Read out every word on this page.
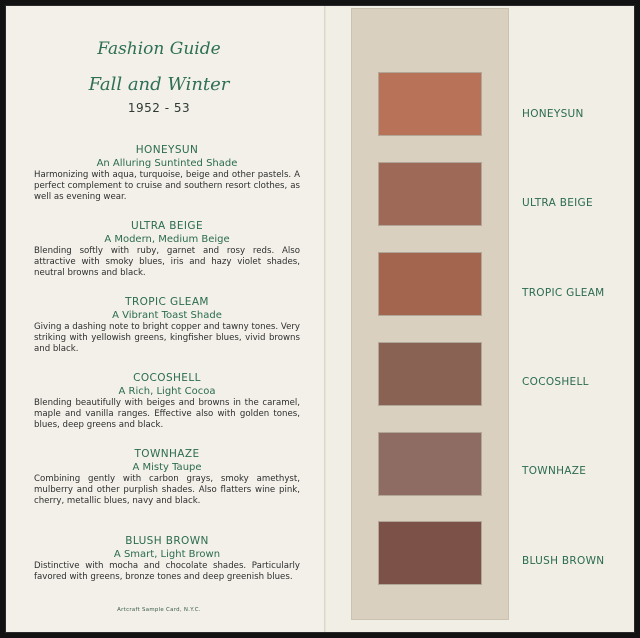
Fashion Guide
Fall and Winter
1952 - 53
HONEYSUN
An Alluring Suntinted Shade
Harmonizing with aqua, turquoise, beige and other pastels. A perfect complement to cruise and southern resort clothes, as well as evening wear.
ULTRA BEIGE
A Modern, Medium Beige
Blending softly with ruby, garnet and rosy reds. Also attractive with smoky blues, iris and hazy violet shades, neutral browns and black.
TROPIC GLEAM
A Vibrant Toast Shade
Giving a dashing note to bright copper and tawny tones. Very striking with yellowish greens, kingfisher blues, vivid browns and black.
COCOSHELL
A Rich, Light Cocoa
Blending beautifully with beiges and browns in the caramel, maple and vanilla ranges. Effective also with golden tones, blues, deep greens and black.
TOWNHAZE
A Misty Taupe
Combining gently with carbon grays, smoky amethyst, mulberry and other purplish shades. Also flatters wine pink, cherry, metallic blues, navy and black.
BLUSH BROWN
A Smart, Light Brown
Distinctive with mocha and chocolate shades. Particularly favored with greens, bronze tones and deep greenish blues.
Artcraft Sample Card, N.Y.C.
HONEYSUN
ULTRA BEIGE
TROPIC GLEAM
COCOSHELL
TOWNHAZE
BLUSH BROWN
